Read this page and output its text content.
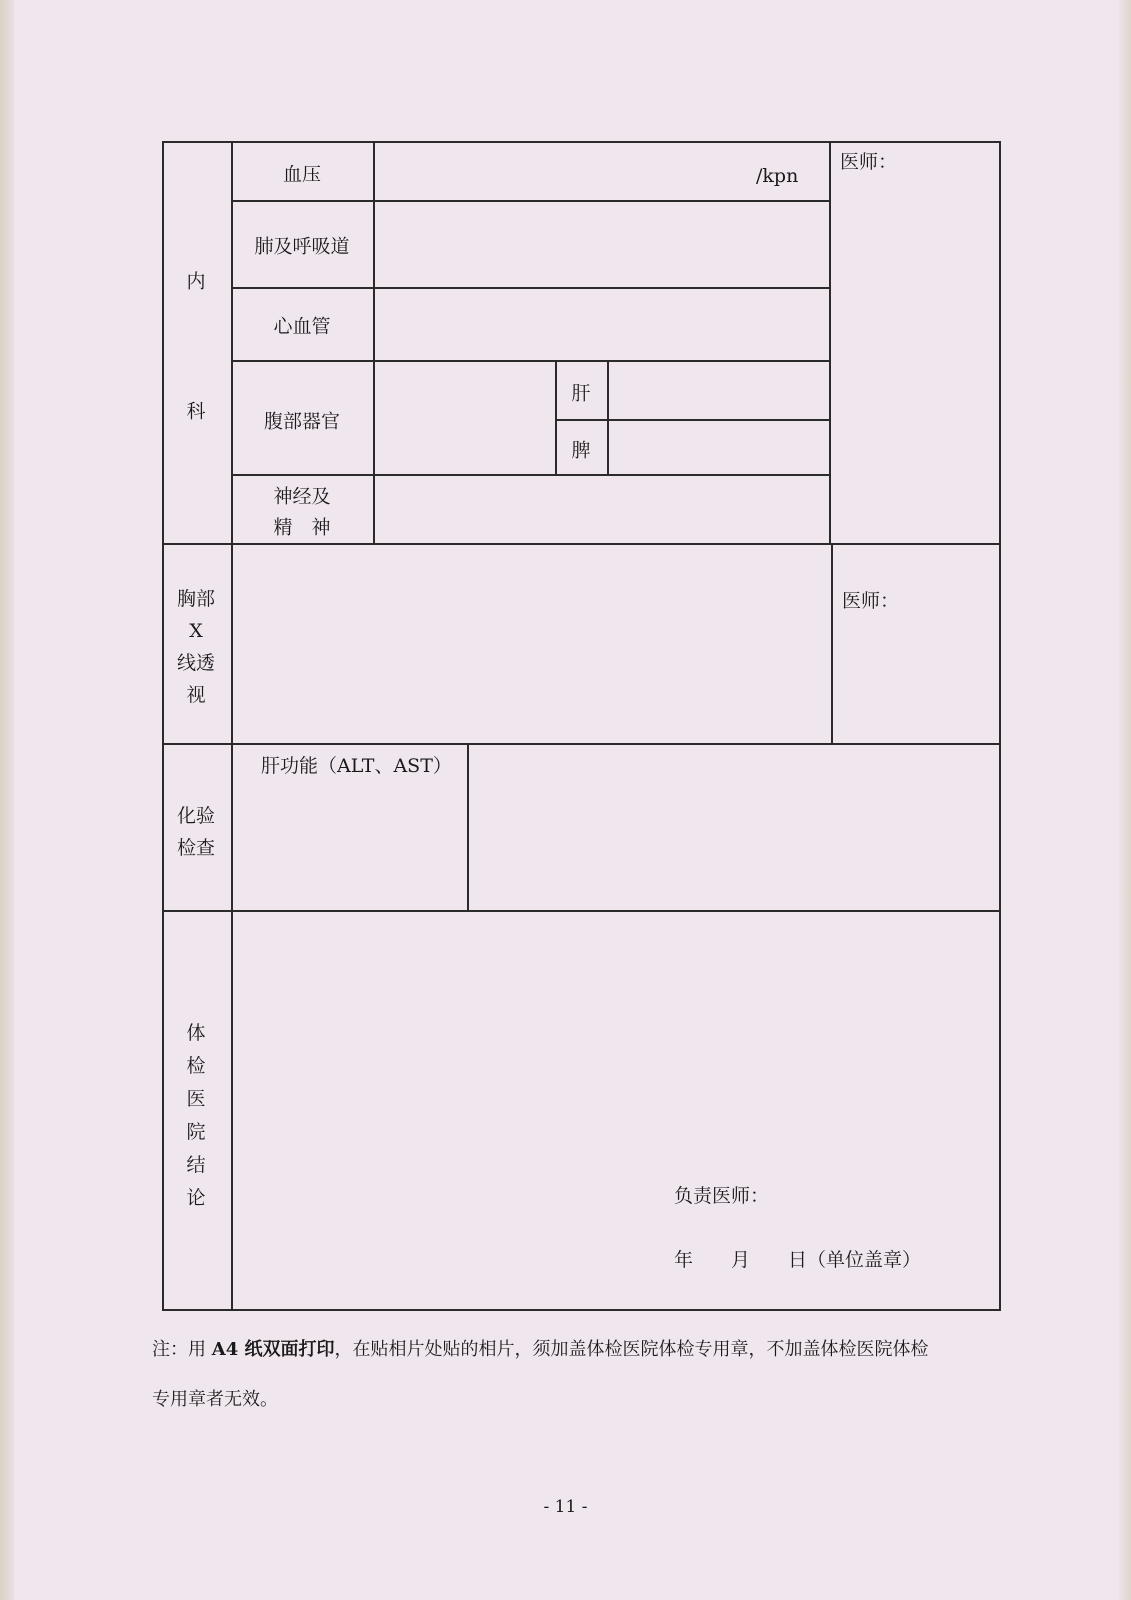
内
科
血压	/kpn
医师：
肺及呼吸道
心血管
腹部器官
肝
脾
神经及
精　神
胸部
X
线透
视
医师：
化验
检查
肝功能（ALT、AST）
体
检
医
院
结
论	负责医师：
年　　月　　日（单位盖章）
注：用 A4 纸双面打印，在贴相片处贴的相片，须加盖体检医院体检专用章，不加盖体检医院体检
专用章者无效。
- 11 -
